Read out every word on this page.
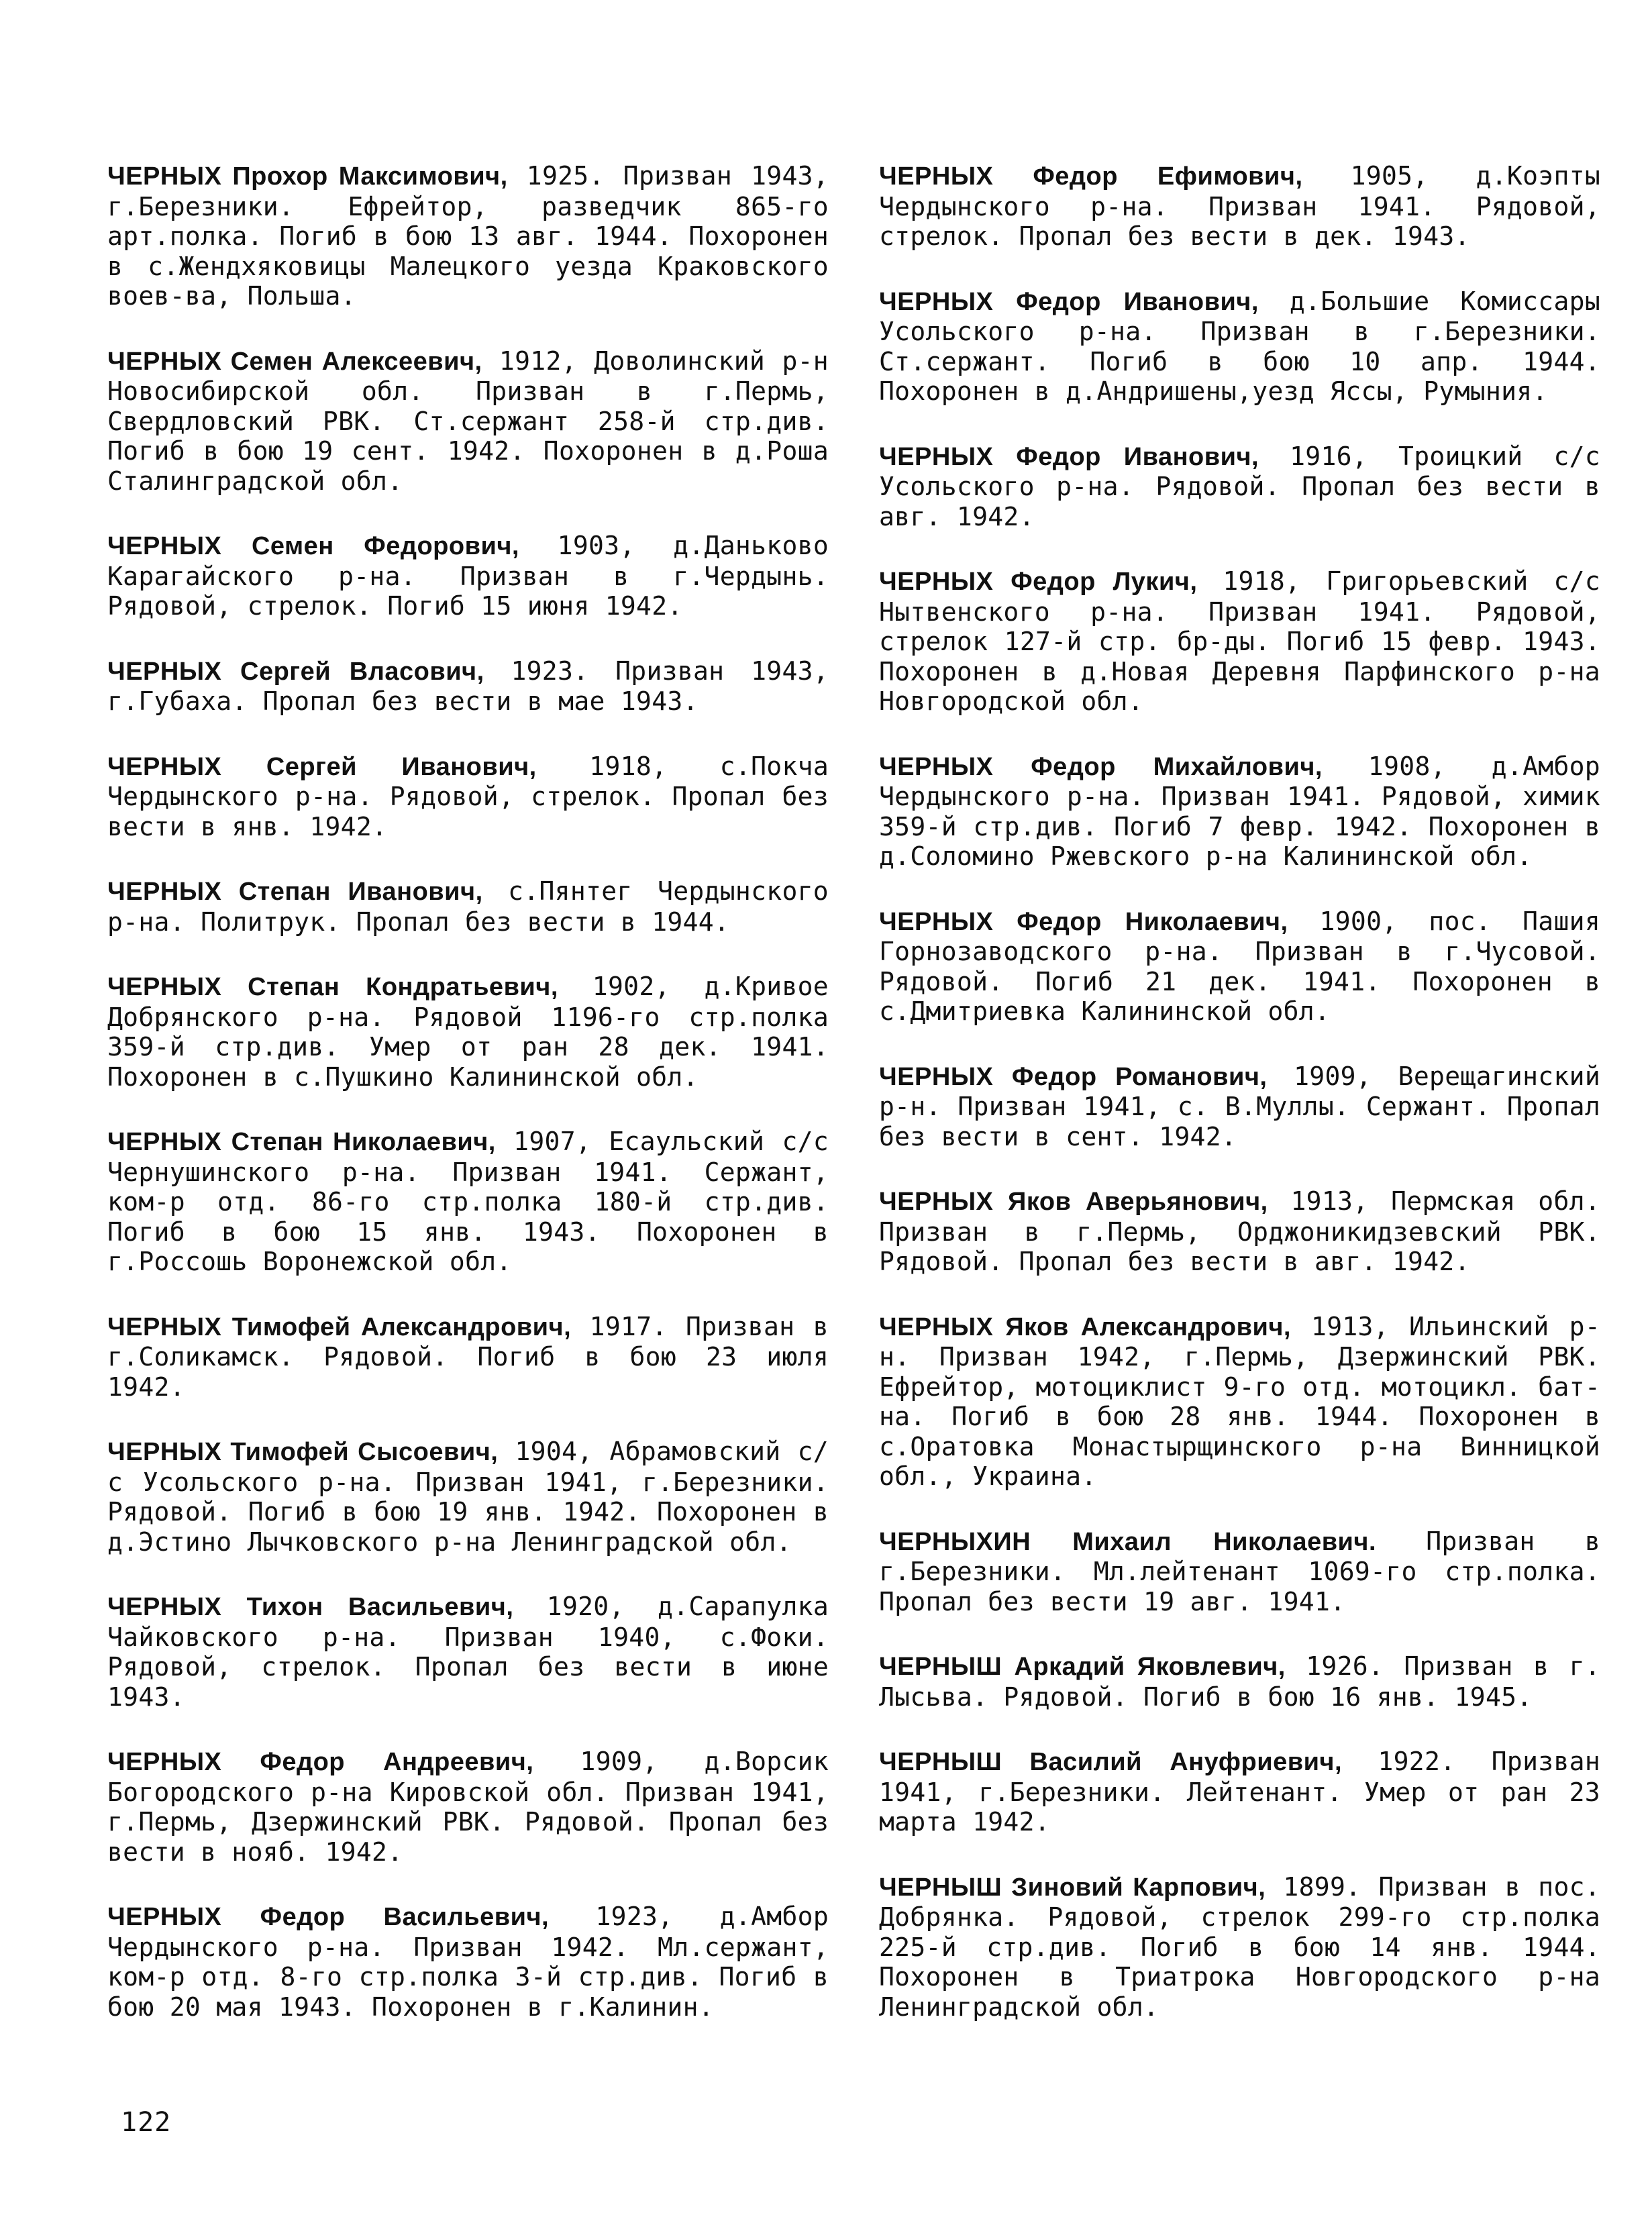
ЧЕРНЫХ Прохор Максимович, 1925. Призван 1943, г.Березники. Ефрейтор, разведчик 865-го арт.полка. Погиб в бою 13 авг. 1944. Похоронен в с.Жендхяковицы Малецкого уезда Краковского воев-ва, Польша.

ЧЕРНЫХ Семен Алексеевич, 1912, Доволинский р-н Новосибирской обл. Призван в г.Пермь, Свердловский РВК. Ст.сержант 258-й стр.див. Погиб в бою 19 сент. 1942. Похоронен в д.Роша Сталинградской обл.

ЧЕРНЫХ Семен Федорович, 1903, д.Даньково Карагайского р-на. Призван в г.Чердынь. Рядовой, стрелок. Погиб 15 июня 1942.

ЧЕРНЫХ Сергей Власович, 1923. Призван 1943, г.Губаха. Пропал без вести в мае 1943.

ЧЕРНЫХ Сергей Иванович, 1918, с.Покча Чердынского р-на. Рядовой, стрелок. Пропал без вести в янв. 1942.

ЧЕРНЫХ Степан Иванович, с.Пянтег Чердынского р-на. Политрук. Пропал без вести в 1944.

ЧЕРНЫХ Степан Кондратьевич, 1902, д.Кривое Добрянского р-на. Рядовой 1196-го стр.полка 359-й стр.див. Умер от ран 28 дек. 1941. Похоронен в с.Пушкино Калининской обл.

ЧЕРНЫХ Степан Николаевич, 1907, Есаульский с/с Чернушинского р-на. Призван 1941. Сержант, ком-р отд. 86-го стр.полка 180-й стр.див. Погиб в бою 15 янв. 1943. Похоронен в г.Россошь Воронежской обл.

ЧЕРНЫХ Тимофей Александрович, 1917. Призван в г.Соликамск. Рядовой. Погиб в бою 23 июля 1942.

ЧЕРНЫХ Тимофей Сысоевич, 1904, Абрамовский с/с Усольского р-на. Призван 1941, г.Березники. Рядовой. Погиб в бою 19 янв. 1942. Похоронен в д.Эстино Лычковского р-на Ленинградской обл.

ЧЕРНЫХ Тихон Васильевич, 1920, д.Сарапулка Чайковского р-на. Призван 1940, с.Фоки. Рядовой, стрелок. Пропал без вести в июне 1943.

ЧЕРНЫХ Федор Андреевич, 1909, д.Ворсик Богородского р-на Кировской обл. Призван 1941, г.Пермь, Дзержинский РВК. Рядовой. Пропал без вести в нояб. 1942.

ЧЕРНЫХ Федор Васильевич, 1923, д.Амбор Чердынского р-на. Призван 1942. Мл.сержант, ком-р отд. 8-го стр.полка 3-й стр.див. Погиб в бою 20 мая 1943. Похоронен в г.Калинин.

ЧЕРНЫХ Федор Ефимович, 1905, д.Коэпты Чердынского р-на. Призван 1941. Рядовой, стрелок. Пропал без вести в дек. 1943.

ЧЕРНЫХ Федор Иванович, д.Большие Комиссары Усольского р-на. Призван в г.Березники. Ст.сержант. Погиб в бою 10 апр. 1944. Похоронен в д.Андришены,уезд Яссы, Румыния.

ЧЕРНЫХ Федор Иванович, 1916, Троицкий с/с Усольского р-на. Рядовой. Пропал без вести в авг. 1942.

ЧЕРНЫХ Федор Лукич, 1918, Григорьевский с/с Нытвенского р-на. Призван 1941. Рядовой, стрелок 127-й стр. бр-ды. Погиб 15 февр. 1943. Похоронен в д.Новая Деревня Парфинского р-на Новгородской обл.

ЧЕРНЫХ Федор Михайлович, 1908, д.Амбор Чердынского р-на. Призван 1941. Рядовой, химик 359-й стр.див. Погиб 7 февр. 1942. Похоронен в д.Соломино Ржевского р-на Калининской обл.

ЧЕРНЫХ Федор Николаевич, 1900, пос. Пашия Горнозаводского р-на. Призван в г.Чусовой. Рядовой. Погиб 21 дек. 1941. Похоронен в с.Дмитриевка Калининской обл.

ЧЕРНЫХ Федор Романович, 1909, Верещагинский р-н. Призван 1941, с. В.Муллы. Сержант. Пропал без вести в сент. 1942.

ЧЕРНЫХ Яков Аверьянович, 1913, Пермская обл. Призван в г.Пермь, Орджоникидзевский РВК. Рядовой. Пропал без вести в авг. 1942.

ЧЕРНЫХ Яков Александрович, 1913, Ильинский р-н. Призван 1942, г.Пермь, Дзержинский РВК. Ефрейтор, мотоциклист 9-го отд. мотоцикл. бат-на. Погиб в бою 28 янв. 1944. Похоронен в с.Оратовка Монастырщинского р-на Винницкой обл., Украина.

ЧЕРНЫХИН Михаил Николаевич. Призван в г.Березники. Мл.лейтенант 1069-го стр.полка. Пропал без вести 19 авг. 1941.

ЧЕРНЫШ Аркадий Яковлевич, 1926. Призван в г. Лысьва. Рядовой. Погиб в бою 16 янв. 1945.

ЧЕРНЫШ Василий Ануфриевич, 1922. Призван 1941, г.Березники. Лейтенант. Умер от ран 23 марта 1942.

ЧЕРНЫШ Зиновий Карпович, 1899. Призван в пос. Добрянка. Рядовой, стрелок 299-го стр.полка 225-й стр.див. Погиб в бою 14 янв. 1944. Похоронен в Триатрока Новгородского р-на Ленинградской обл.

122
